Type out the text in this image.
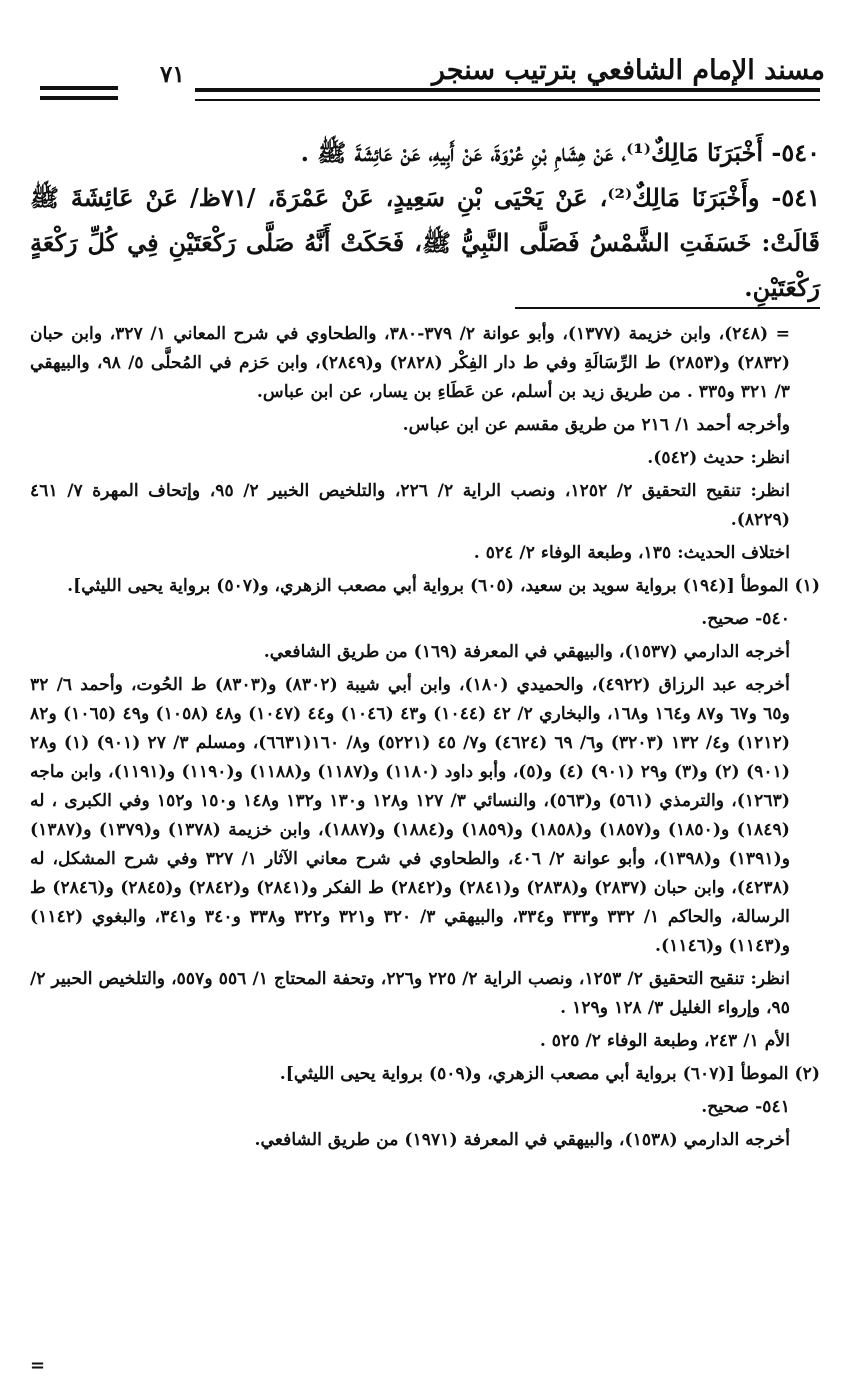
مسند الإمام الشافعي بترتيب سنجر
٧١

٥٤٠- أَخْبَرَنَا مَالِكٌ⁽¹⁾، عَنْ هِشَامِ بْنِ عُرْوَةَ، عَنْ أَبِيهِ، عَنْ عَائِشَةَ ﷺ .

٥٤١- وأَخْبَرَنَا مَالِكٌ⁽²⁾، عَنْ يَحْيَى بْنِ سَعِيدٍ، عَنْ عَمْرَةَ، /٧١ظ/ عَنْ عَائِشَةَ ﷺ قَالَتْ: خَسَفَتِ الشَّمْسُ فَصَلَّى النَّبِيُّ ﷺ، فَحَكَتْ أَنَّهُ صَلَّى رَكْعَتَيْنِ فِي كُلِّ رَكْعَةٍ رَكْعَتَيْنِ.

= (٢٤٨)، وابن خزيمة (١٣٧٧)، وأبو عوانة ٢/ ٣٧٩-٣٨٠، والطحاوي في شرح المعاني ١/ ٣٢٧، وابن حبان (٢٨٣٢) و(٢٨٥٣) ط الرِّسَالَةِ وفي ط دار الفِكْر (٢٨٢٨) و(٢٨٤٩)، وابن حَزم في المُحلَّى ٥/ ٩٨، والبيهقي ٣/ ٣٢١ و٣٣٥ . من طريق زيد بن أسلم، عن عَطَاءِ بن يسار، عن ابن عباس.

وأخرجه أحمد ١/ ٢١٦ من طريق مقسم عن ابن عباس.

انظر: حديث (٥٤٢).

انظر: تنقيح التحقيق ٢/ ١٢٥٢، ونصب الراية ٢/ ٢٢٦، والتلخيص الخبير ٢/ ٩٥، وإتحاف المهرة ٧/ ٤٦١ (٨٢٢٩).

اختلاف الحديث: ١٣٥، وطبعة الوفاء ٢/ ٥٢٤ .

(١) الموطأ [(١٩٤) برواية سويد بن سعيد، (٦٠٥) برواية أبي مصعب الزهري، و(٥٠٧) برواية يحيى الليثي].

٥٤٠- صحيح.

أخرجه الدارمي (١٥٣٧)، والبيهقي في المعرفة (١٦٩) من طريق الشافعي.

أخرجه عبد الرزاق (٤٩٢٢)، والحميدي (١٨٠)، وابن أبي شيبة (٨٣٠٢) و(٨٣٠٣) ط الحُوت، وأحمد ٦/ ٣٢ و٦٥ و٦٧ و٨٧ و١٦٤ و١٦٨، والبخاري ٢/ ٤٢ (١٠٤٤) و٤٣ (١٠٤٦) و٤٤ (١٠٤٧) و٤٨ (١٠٥٨) و٤٩ (١٠٦٥) و٨٢ (١٢١٢) و٤/ ١٣٢ (٣٢٠٣) و٦/ ٦٩ (٤٦٢٤) و٧/ ٤٥ (٥٢٢١) و٨/ ١٦٠(٦٦٣١)، ومسلم ٣/ ٢٧ (٩٠١) (١) و٢٨ (٩٠١) (٢) و(٣) و٢٩ (٩٠١) (٤) و(٥)، وأبو داود (١١٨٠) و(١١٨٧) و(١١٨٨) و(١١٩٠) و(١١٩١)، وابن ماجه (١٢٦٣)، والترمذي (٥٦١) و(٥٦٣)، والنسائي ٣/ ١٢٧ و١٢٨ و١٣٠ و١٣٢ و١٤٨ و١٥٠ و١٥٢ وفي الكبرى ، له (١٨٤٩) و(١٨٥٠) و(١٨٥٧) و(١٨٥٨) و(١٨٥٩) و(١٨٨٤) و(١٨٨٧)، وابن خزيمة (١٣٧٨) و(١٣٧٩) و(١٣٨٧) و(١٣٩١) و(١٣٩٨)، وأبو عوانة ٢/ ٤٠٦، والطحاوي في شرح معاني الآثار ١/ ٣٢٧ وفي شرح المشكل، له (٤٢٣٨)، وابن حبان (٢٨٣٧) و(٢٨٣٨) و(٢٨٤١) و(٢٨٤٢) ط الفكر و(٢٨٤١) و(٢٨٤٢) و(٢٨٤٥) و(٢٨٤٦) ط الرسالة، والحاكم ١/ ٣٣٢ و٣٣٣ و٣٣٤، والبيهقي ٣/ ٣٢٠ و٣٢١ و٣٢٢ و٣٣٨ و٣٤٠ و٣٤١، والبغوي (١١٤٢) و(١١٤٣) و(١١٤٦).

انظر: تنقيح التحقيق ٢/ ١٢٥٣، ونصب الراية ٢/ ٢٢٥ و٢٢٦، وتحفة المحتاج ١/ ٥٥٦ و٥٥٧، والتلخيص الحبير ٢/ ٩٥، وإرواء الغليل ٣/ ١٢٨ و١٢٩ .

الأم ١/ ٢٤٣، وطبعة الوفاء ٢/ ٥٢٥ .

(٢) الموطأ [(٦٠٧) برواية أبي مصعب الزهري، و(٥٠٩) برواية يحيى الليثي].

٥٤١- صحيح.

أخرجه الدارمي (١٥٣٨)، والبيهقي في المعرفة (١٩٧١) من طريق الشافعي.

=
